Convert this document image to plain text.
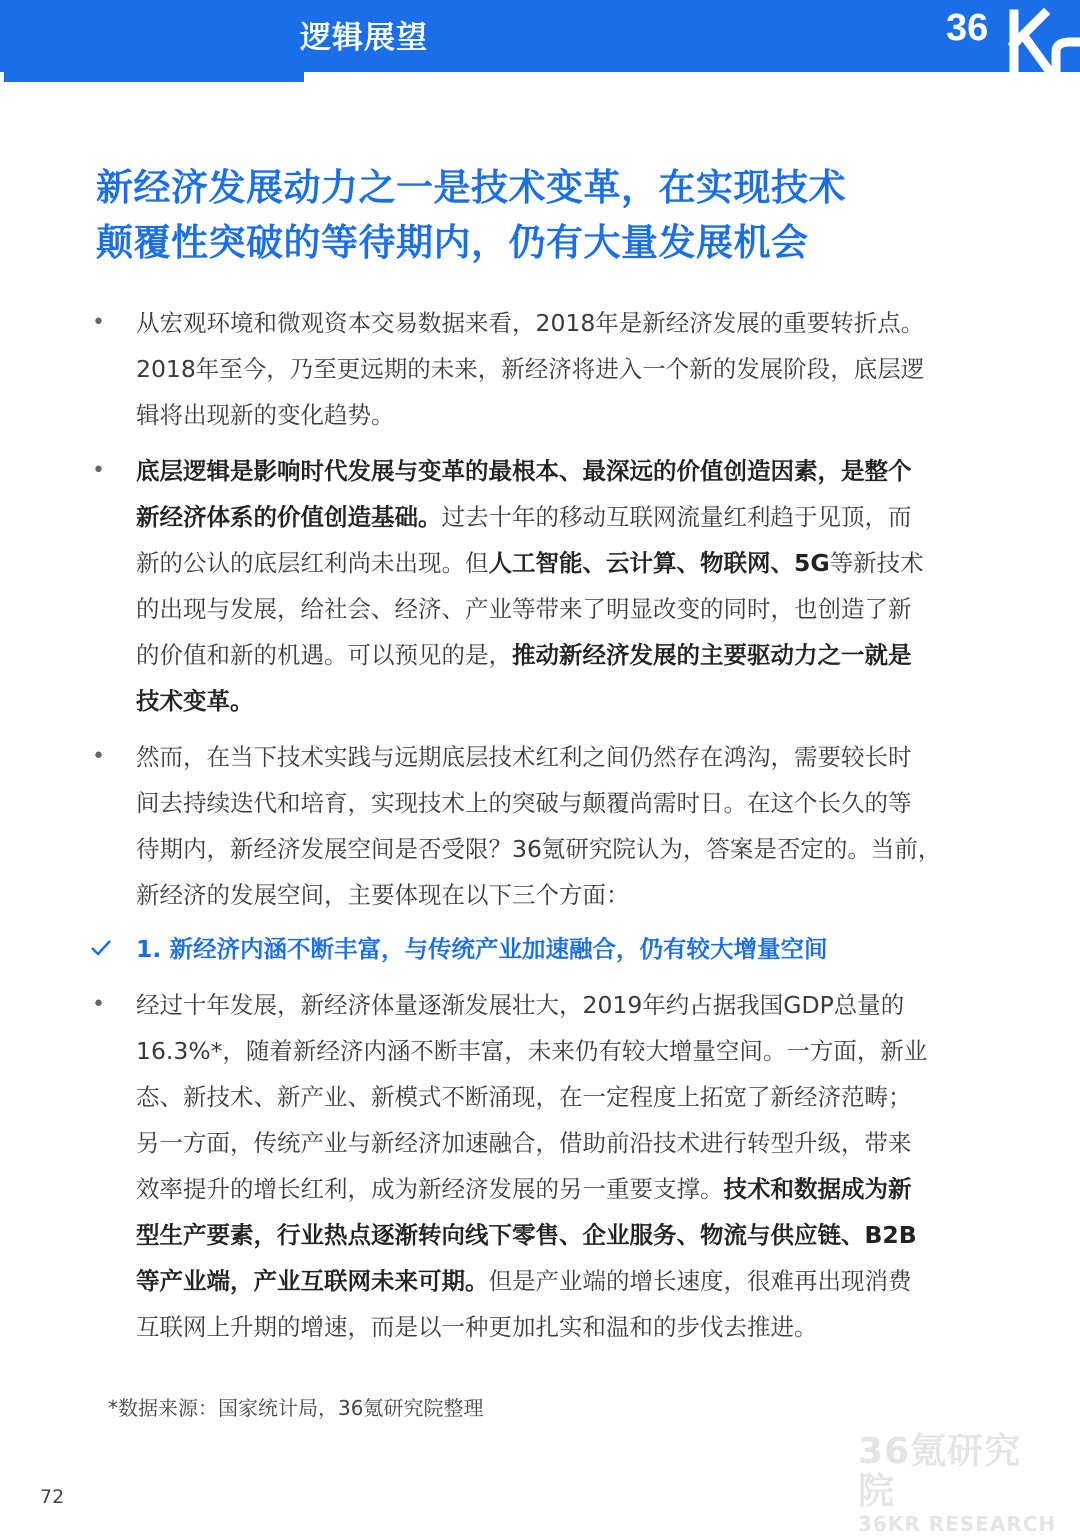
逻辑展望	36
新经济发展动力之一是技术变革，在实现技术
颠覆性突破的等待期内，仍有大量发展机会
• 从宏观环境和微观资本交易数据来看，2018年是新经济发展的重要转折点。
2018年至今，乃至更远期的未来，新经济将进入一个新的发展阶段，底层逻
辑将出现新的变化趋势。
• 底层逻辑是影响时代发展与变革的最根本、最深远的价值创造因素，是整个
新经济体系的价值创造基础。过去十年的移动互联网流量红利趋于见顶，而
新的公认的底层红利尚未出现。但人工智能、云计算、物联网、5G等新技术
的出现与发展，给社会、经济、产业等带来了明显改变的同时，也创造了新
的价值和新的机遇。可以预见的是，推动新经济发展的主要驱动力之一就是
技术变革。
• 然而，在当下技术实践与远期底层技术红利之间仍然存在鸿沟，需要较长时
间去持续迭代和培育，实现技术上的突破与颠覆尚需时日。在这个长久的等
待期内，新经济发展空间是否受限？36氪研究院认为，答案是否定的。当前，
新经济的发展空间，主要体现在以下三个方面：
1. 新经济内涵不断丰富，与传统产业加速融合，仍有较大增量空间
• 经过十年发展，新经济体量逐渐发展壮大，2019年约占据我国GDP总量的
16.3%*，随着新经济内涵不断丰富，未来仍有较大增量空间。一方面，新业
态、新技术、新产业、新模式不断涌现，在一定程度上拓宽了新经济范畴；
另一方面，传统产业与新经济加速融合，借助前沿技术进行转型升级，带来
效率提升的增长红利，成为新经济发展的另一重要支撑。技术和数据成为新
型生产要素，行业热点逐渐转向线下零售、企业服务、物流与供应链、B2B
等产业端，产业互联网未来可期。但是产业端的增长速度，很难再出现消费
互联网上升期的增速，而是以一种更加扎实和温和的步伐去推进。
*数据来源：国家统计局，36氪研究院整理
36氪研究院
36KR RESEARCH
72
